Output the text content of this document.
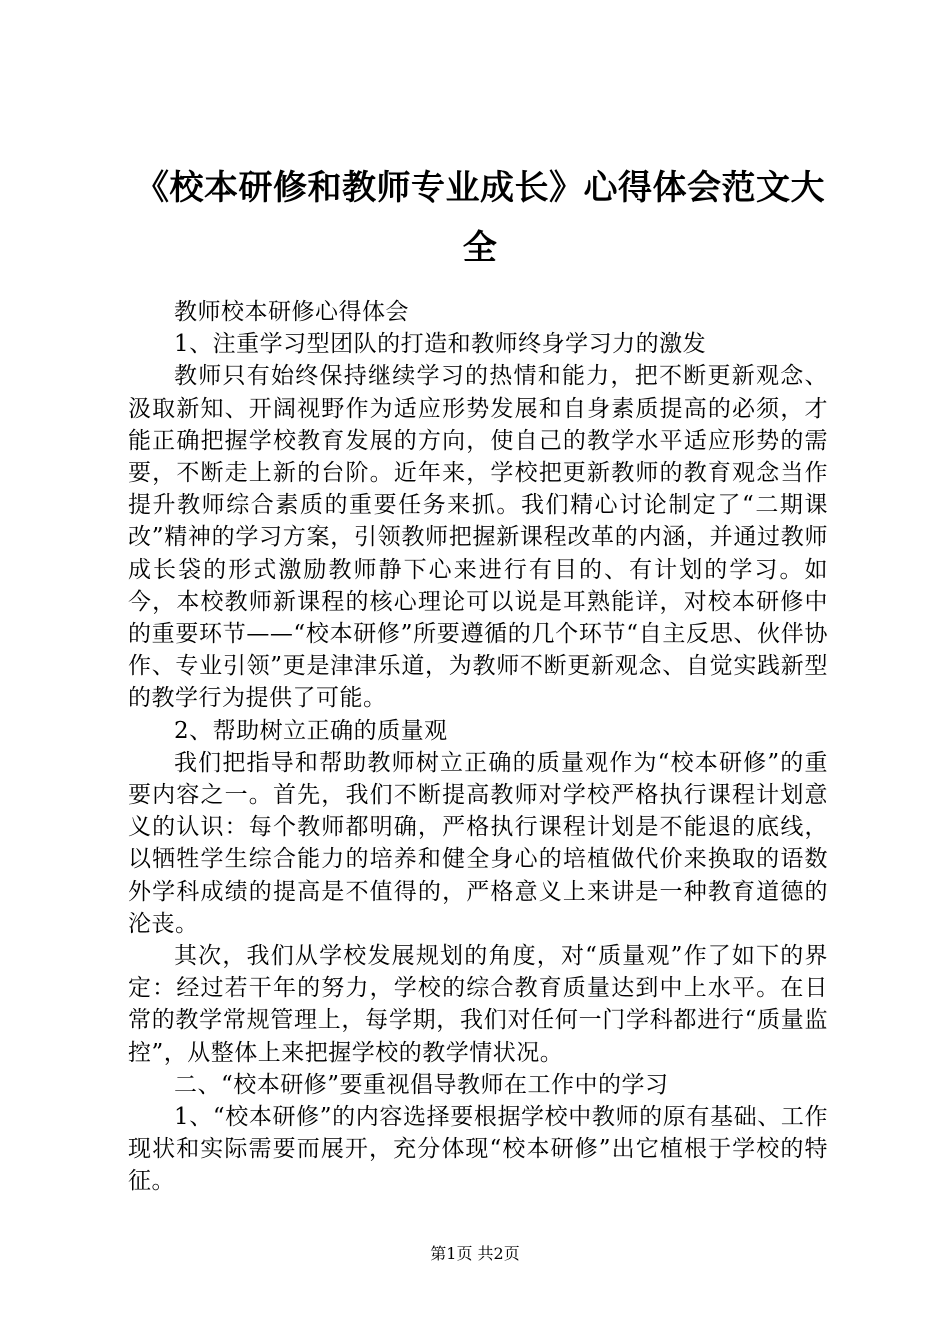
《校本研修和教师专业成长》心得体会范文大全

教师校本研修心得体会

1、注重学习型团队的打造和教师终身学习力的激发

教师只有始终保持继续学习的热情和能力，把不断更新观念、汲取新知、开阔视野作为适应形势发展和自身素质提高的必须，才能正确把握学校教育发展的方向，使自己的教学水平适应形势的需要，不断走上新的台阶。近年来，学校把更新教师的教育观念当作提升教师综合素质的重要任务来抓。我们精心讨论制定了“二期课改”精神的学习方案，引领教师把握新课程改革的内涵，并通过教师成长袋的形式激励教师静下心来进行有目的、有计划的学习。如今，本校教师新课程的核心理论可以说是耳熟能详，对校本研修中的重要环节——“校本研修”所要遵循的几个环节“自主反思、伙伴协作、专业引领”更是津津乐道，为教师不断更新观念、自觉实践新型的教学行为提供了可能。

2、帮助树立正确的质量观

我们把指导和帮助教师树立正确的质量观作为“校本研修”的重要内容之一。首先，我们不断提高教师对学校严格执行课程计划意义的认识：每个教师都明确，严格执行课程计划是不能退的底线，以牺牲学生综合能力的培养和健全身心的培植做代价来换取的语数外学科成绩的提高是不值得的，严格意义上来讲是一种教育道德的沦丧。

其次，我们从学校发展规划的角度，对“质量观”作了如下的界定：经过若干年的努力，学校的综合教育质量达到中上水平。在日常的教学常规管理上，每学期，我们对任何一门学科都进行“质量监控”，从整体上来把握学校的教学情状况。

二、“校本研修”要重视倡导教师在工作中的学习

1、“校本研修”的内容选择要根据学校中教师的原有基础、工作现状和实际需要而展开，充分体现“校本研修”出它植根于学校的特征。

第1页 共2页
